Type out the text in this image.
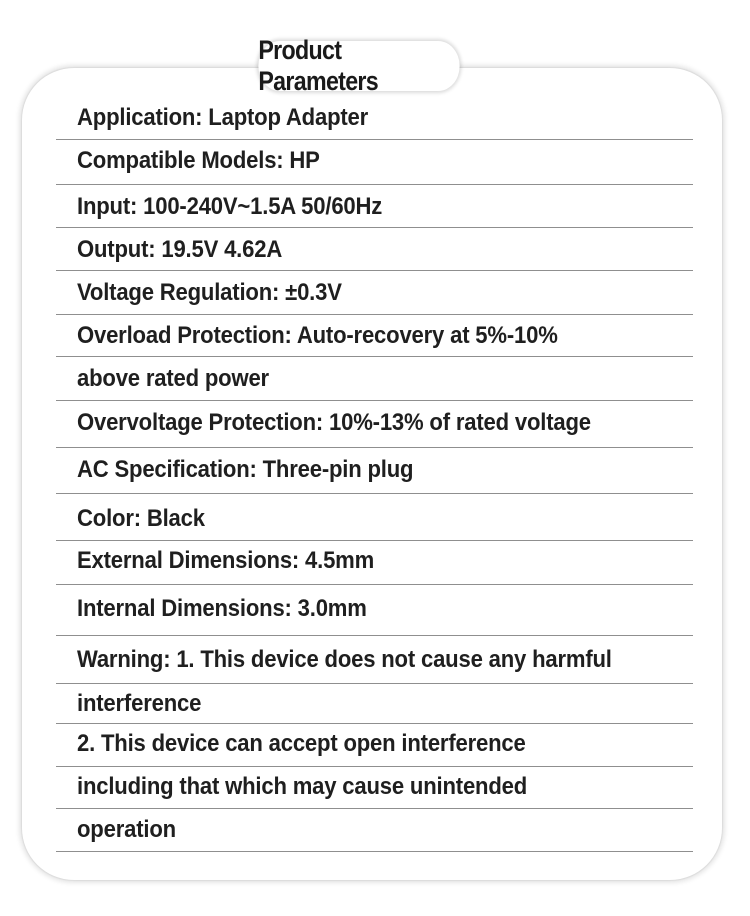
Product Parameters
Application: Laptop Adapter
Compatible Models: HP
Input: 100-240V~1.5A 50/60Hz
Output: 19.5V 4.62A
Voltage Regulation: ±0.3V
Overload Protection: Auto-recovery at 5%-10%
above rated power
Overvoltage Protection: 10%-13% of rated voltage
AC Specification: Three-pin plug
Color: Black
External Dimensions: 4.5mm
Internal Dimensions: 3.0mm
Warning: 1. This device does not cause any harmful
interference
2. This device can accept open interference
including that which may cause unintended
operation
